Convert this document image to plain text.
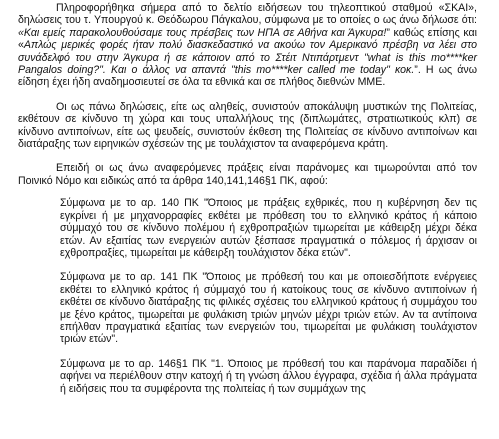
Πληροφορήθηκα σήμερα από το δελτίο ειδήσεων του τηλεοπτικού σταθμού «ΣΚΑΙ», δηλώσεις του τ. Υπουργού κ. Θεόδωρου Πάγκαλου, σύμφωνα με το οποίες ο ως άνω δήλωσε ότι: «Και εμείς παρακολουθούσαμε τους πρέσβεις των ΗΠΑ σε Αθήνα και Άγκυρα!” καθώς επίσης και «Απλώς μερικές φορές ήταν πολύ διασκεδαστικό να ακούω τον Αμερικανό πρέσβη να λέει στο συνάδελφό του στην Άγκυρα ή σε κάποιον από το Στέιτ Ντιπάρτμεντ "what is this mo****ker Pangalos doing?". Και ο άλλος να απαντά "this mo****ker called me today" κοκ.”. Η ως άνω είδηση έχει ήδη αναδημοσιευτεί σε όλα τα εθνικά και σε πλήθος διεθνών ΜΜΕ.

Οι ως πάνω δηλώσεις, είτε ως αληθείς, συνιστούν αποκάλυψη μυστικών της Πολιτείας, εκθέτουν σε κίνδυνο τη χώρα και τους υπαλλήλους της (διπλωμάτες, στρατιωτικούς κλπ) σε κίνδυνο αντιποίνων, είτε ως ψευδείς, συνιστούν έκθεση της Πολιτείας σε κίνδυνο αντιποίνων και διατάραξης των ειρηνικών σχέσεών της με τουλάχιστον τα αναφερόμενα κράτη.

Επειδή οι ως άνω αναφερόμενες πράξεις είναι παράνομες και τιμωρούνται από τον Ποινικό Νόμο και ειδικώς από τα άρθρα 140,141,146§1 ΠΚ, αφού:

Σύμφωνα με το αρ. 140 ΠΚ "Όποιος με πράξεις εχθρικές, που η κυβέρνηση δεν τις εγκρίνει ή με μηχανορραφίες εκθέτει με πρόθεση του το ελληνικό κράτος ή κάποιο σύμμαχό του σε κίνδυνο πολέμου ή εχθροπραξιών τιμωρείται με κάθειρξη μέχρι δέκα ετών. Αν εξαιτίας των ενεργειών αυτών ξέσπασε πραγματικά ο πόλεμος ή άρχισαν οι εχθροπραξίες, τιμωρείται με κάθειρξη τουλάχιστον δέκα ετών".

Σύμφωνα με το αρ. 141 ΠΚ "Όποιος με πρόθεσή του και με οποιεσδήποτε ενέργειες εκθέτει το ελληνικό κράτος ή σύμμαχό του ή κατοίκους τους σε κίνδυνο αντιποίνων ή εκθέτει σε κίνδυνο διατάραξης τις φιλικές σχέσεις του ελληνικού κράτους ή συμμάχου του με ξένο κράτος, τιμωρείται με φυλάκιση τριών μηνών μέχρι τριών ετών. Αν τα αντίποινα επήλθαν πραγματικά εξαιτίας των ενεργειών του, τιμωρείται με φυλάκιση τουλάχιστον τριών ετών".

Σύμφωνα με το αρ. 146§1 ΠΚ "1. Όποιος με πρόθεσή του και παράνομα παραδίδει ή αφήνει να περιέλθουν στην κατοχή ή τη γνώση άλλου έγγραφα, σχέδια ή άλλα πράγματα ή ειδήσεις που τα συμφέροντα της πολιτείας ή των συμμάχων της
